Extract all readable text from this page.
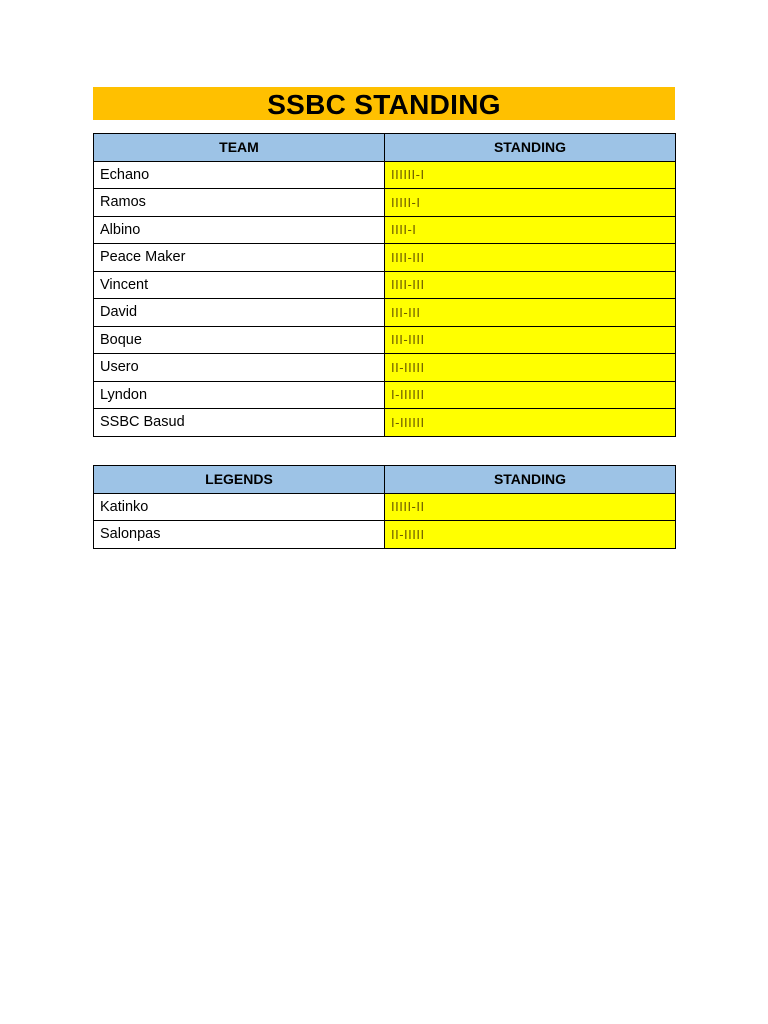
SSBC STANDING
TEAM	STANDING
Echano	IIIIII-I
Ramos	IIIII-I
Albino	IIII-I
Peace Maker	IIII-III
Vincent	IIII-III
David	III-III
Boque	III-IIII
Usero	II-IIIII
Lyndon	I-IIIIII
SSBC Basud	I-IIIIII
LEGENDS	STANDING
Katinko	IIIII-II
Salonpas	II-IIIII
